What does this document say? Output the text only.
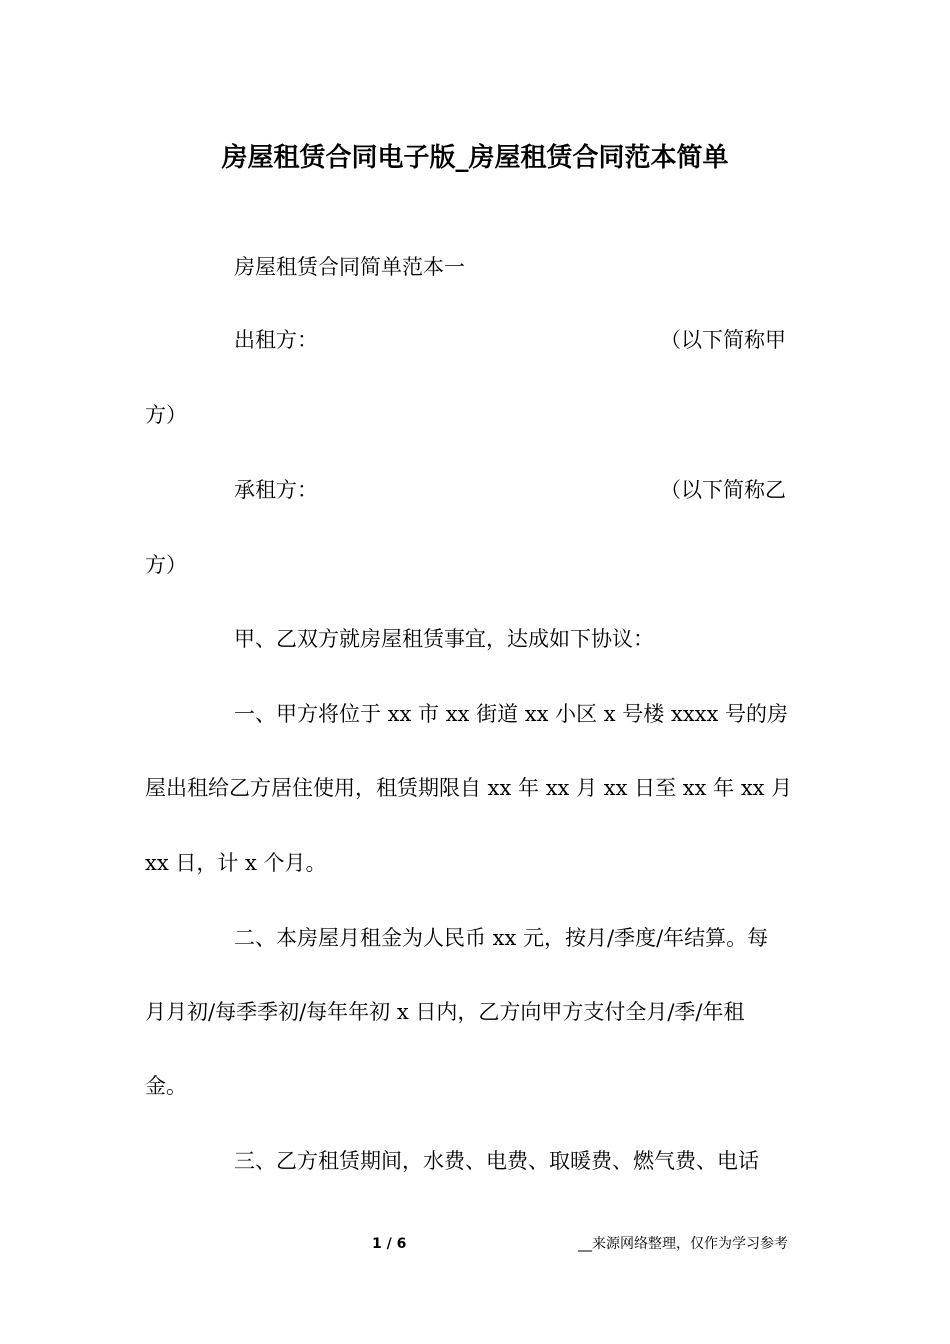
房屋租赁合同电子版_房屋租赁合同范本简单
房屋租赁合同简单范本一
出租方：	（以下简称甲
方）
承租方：	（以下简称乙
方）
甲、乙双方就房屋租赁事宜，达成如下协议：
一、甲方将位于 xx 市 xx 街道 xx 小区 x 号楼 xxxx 号的房
屋出租给乙方居住使用，租赁期限自 xx 年 xx 月 xx 日至 xx 年 xx 月
xx 日，计 x 个月。
二、本房屋月租金为人民币 xx 元，按月/季度/年结算。每
月月初/每季季初/每年年初 x 日内，乙方向甲方支付全月/季/年租
金。
三、乙方租赁期间，水费、电费、取暖费、燃气费、电话
1 / 6	__来源网络整理，仅作为学习参考
